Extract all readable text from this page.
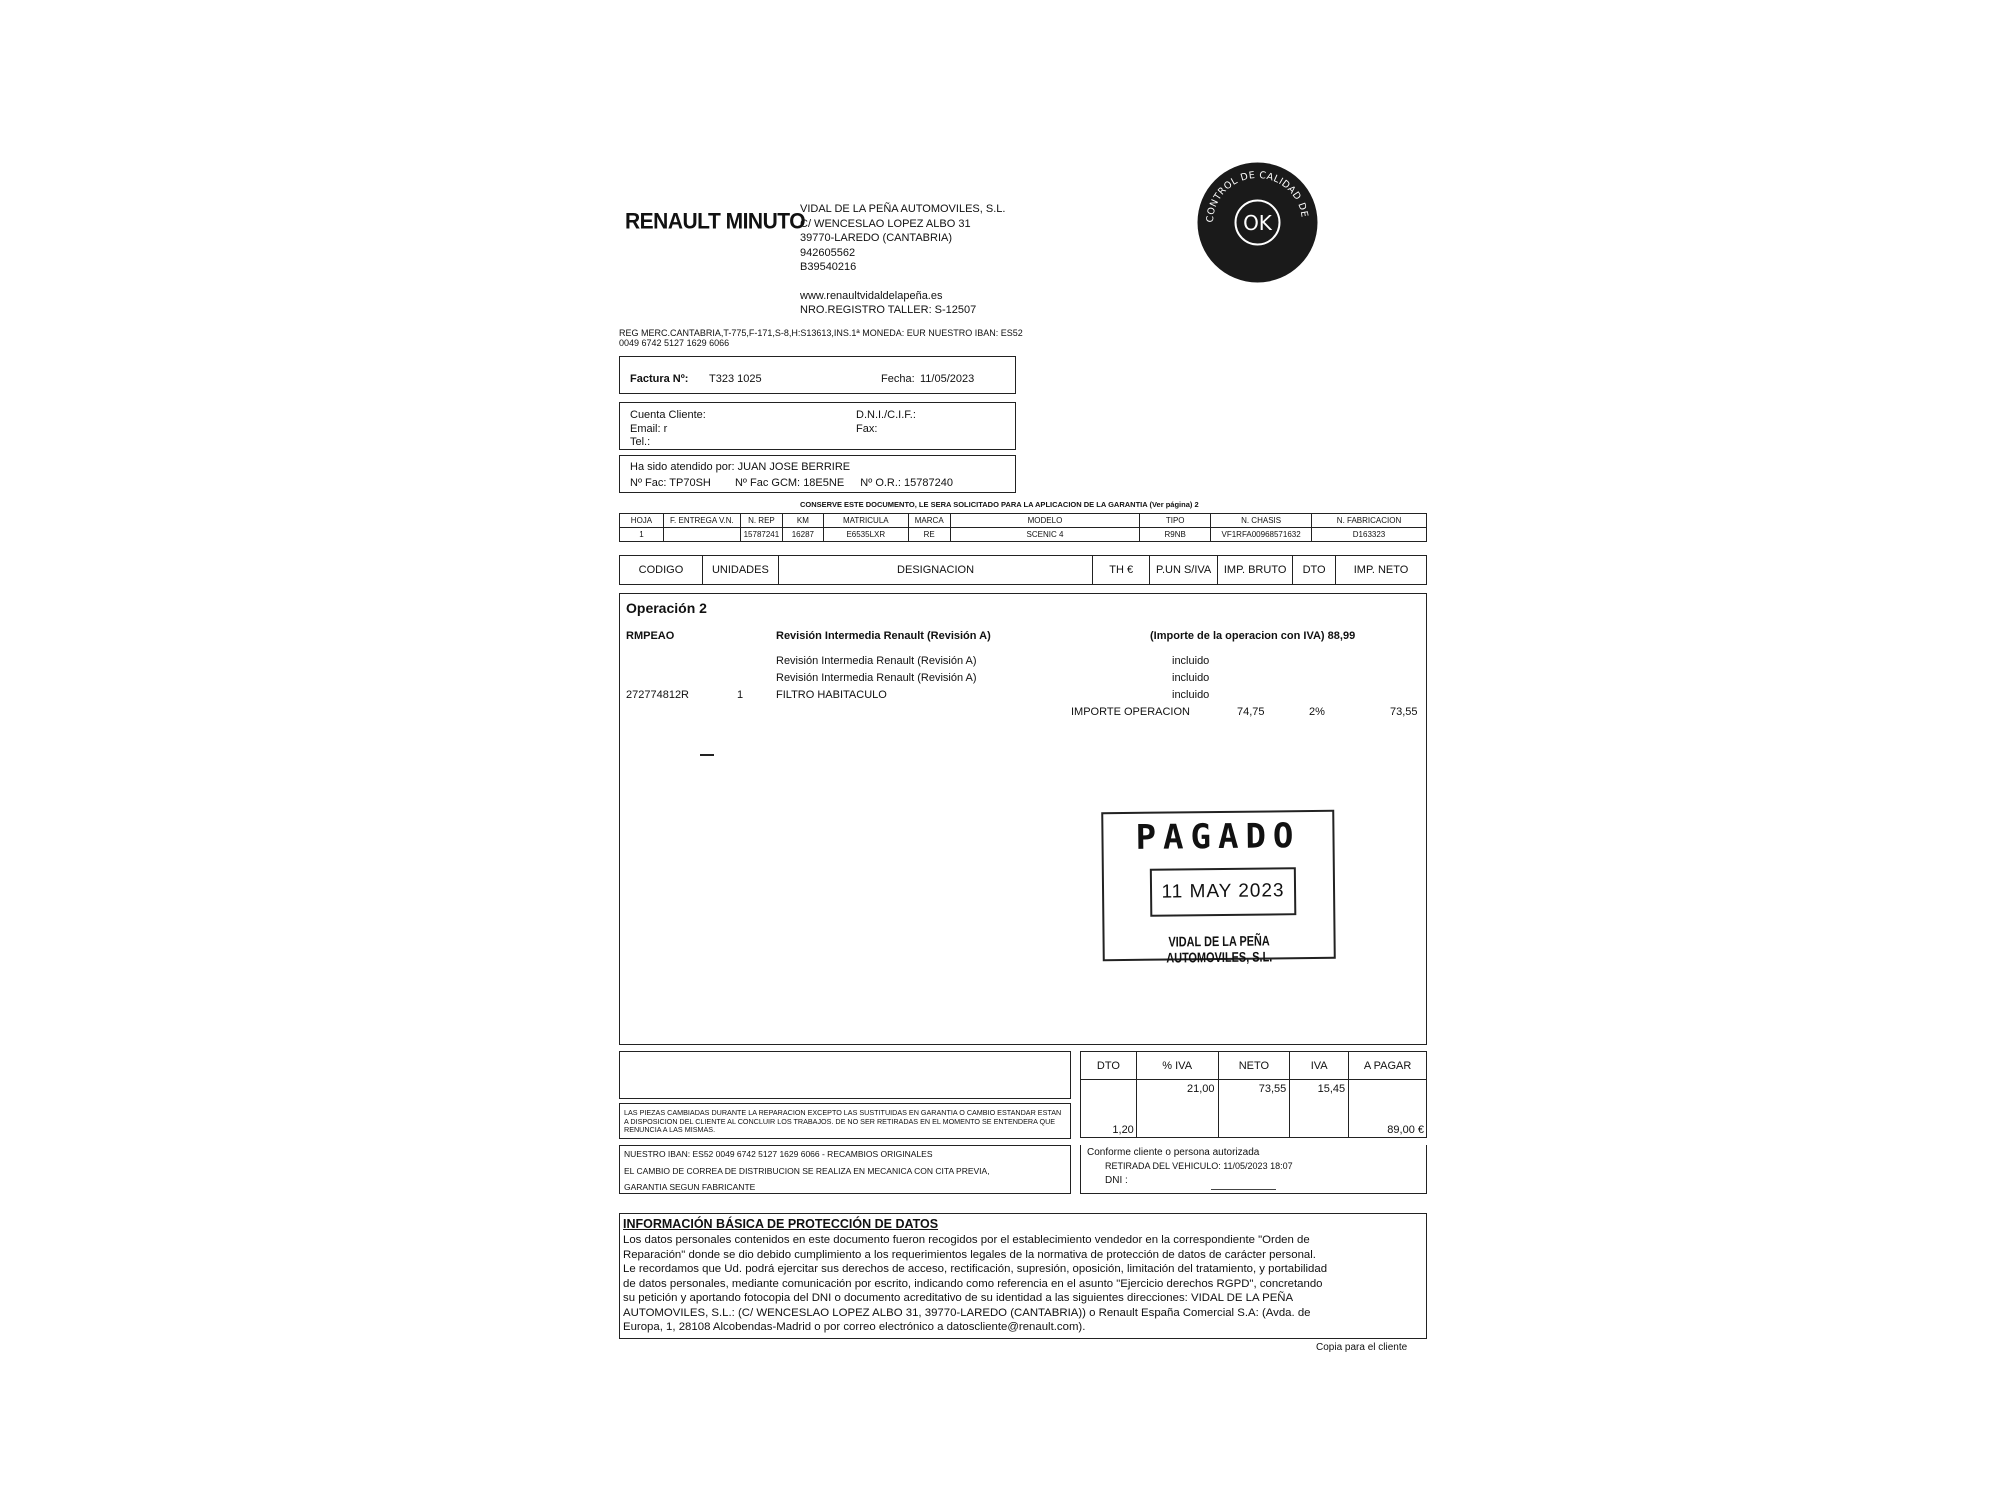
RENAULT MINUTO
VIDAL DE LA PEÑA AUTOMOVILES, S.L.
C/ WENCESLAO LOPEZ ALBO 31
39770-LAREDO (CANTABRIA)
942605562
B39540216
www.renaultvidaldelapeña.es
NRO.REGISTRO TALLER: S-12507
CONTROL DE CALIDAD DE
OK
REG MERC.CANTABRIA,T-775,F-171,S-8,H:S13613,INS.1ª MONEDA: EUR NUESTRO IBAN: ES52
0049 6742 5127 1629 6066
Factura Nº: T323 1025	Fecha: 11/05/2023
Cuenta Cliente:
Email: r
Tel.:
D.N.I./C.I.F.:
Fax:
Ha sido atendido por: JUAN JOSE BERRIRE
Nº Fac: TP70SH Nº Fac GCM: 18E5NE Nº O.R.: 15787240
CONSERVE ESTE DOCUMENTO, LE SERA SOLICITADO PARA LA APLICACION DE LA GARANTIA (Ver página) 2
HOJA	F. ENTREGA V.N.	N. REP	KM	MATRICULA	MARCA	MODELO	TIPO	N. CHASIS	N. FABRICACION
1		15787241	16287	E6535LXR	RE	SCENIC 4	R9NB	VF1RFA00968571632	D163323
CODIGO	UNIDADES	DESIGNACION	TH €	P.UN S/IVA	IMP. BRUTO	DTO	IMP. NETO
Operación 2
RMPEAO	Revisión Intermedia Renault (Revisión A)	(Importe de la operacion con IVA) 88,99
Revisión Intermedia Renault (Revisión A)	incluido
Revisión Intermedia Renault (Revisión A)	incluido
272774812R	1	FILTRO HABITACULO	incluido
IMPORTE OPERACION	74,75	2%	73,55
PAGADO
11 MAY 2023
VIDAL DE LA PEÑA AUTOMOVILES, S.L.
LAS PIEZAS CAMBIADAS DURANTE LA REPARACION EXCEPTO LAS SUSTITUIDAS EN GARANTIA O CAMBIO ESTANDAR ESTAN A DISPOSICION DEL CLIENTE AL CONCLUIR LOS TRABAJOS. DE NO SER RETIRADAS EN EL MOMENTO SE ENTENDERA QUE RENUNCIA A LAS MISMAS.
NUESTRO IBAN: ES52 0049 6742 5127 1629 6066 - RECAMBIOS ORIGINALES
EL CAMBIO DE CORREA DE DISTRIBUCION SE REALIZA EN MECANICA CON CITA PREVIA,
GARANTIA SEGUN FABRICANTE
DTO	% IVA	NETO	IVA	A PAGAR
1,20	21,00	73,55	15,45	89,00 €
Conforme cliente o persona autorizada
RETIRADA DEL VEHICULO: 11/05/2023 18:07
DNI :
INFORMACIÓN BÁSICA DE PROTECCIÓN DE DATOS
Los datos personales contenidos en este documento fueron recogidos por el establecimiento vendedor en la correspondiente "Orden de
Reparación" donde se dio debido cumplimiento a los requerimientos legales de la normativa de protección de datos de carácter personal.
Le recordamos que Ud. podrá ejercitar sus derechos de acceso, rectificación, supresión, oposición, limitación del tratamiento, y portabilidad
de datos personales, mediante comunicación por escrito, indicando como referencia en el asunto "Ejercicio derechos RGPD", concretando
su petición y aportando fotocopia del DNI o documento acreditativo de su identidad a las siguientes direcciones: VIDAL DE LA PEÑA
AUTOMOVILES, S.L.: (C/ WENCESLAO LOPEZ ALBO 31, 39770-LAREDO (CANTABRIA)) o Renault España Comercial S.A: (Avda. de
Europa, 1, 28108 Alcobendas-Madrid o por correo electrónico a datoscliente@renault.com).
Copia para el cliente
